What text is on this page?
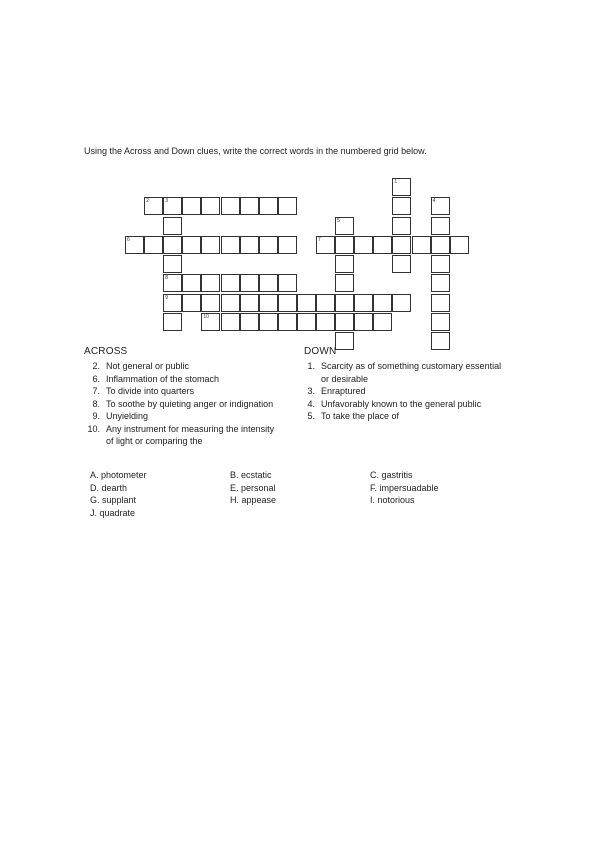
Using the Across and Down clues, write the correct words in the numbered grid below.
2	3
6	7
8
9
10
1
4
5
ACROSS
2. Not general or public
6. Inflammation of the stomach
7. To divide into quarters
8. To soothe by quieting anger or indignation
9. Unyielding
10. Any instrument for measuring the intensity of light or comparing the
DOWN
1. Scarcity as of something customary essential or desirable
3. Enraptured
4. Unfavorably known to the general public
5. To take the place of
A. photometer	B. ecstatic	C. gastritis
D. dearth	E. personal	F. impersuadable
G. supplant	H. appease	I. notorious
J. quadrate
